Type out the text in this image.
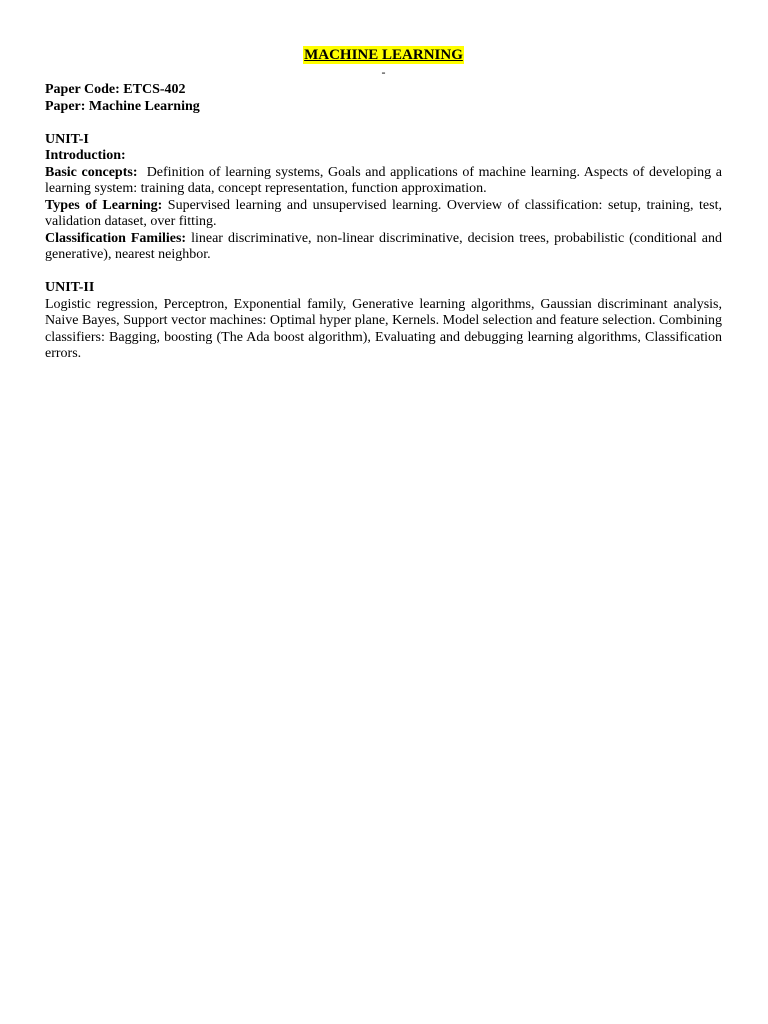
MACHINE LEARNING
-
Paper Code: ETCS-402
Paper: Machine Learning
UNIT-I
Introduction:
Basic concepts: Definition of learning systems, Goals and applications of machine learning. Aspects of developing a learning system: training data, concept representation, function approximation.
Types of Learning: Supervised learning and unsupervised learning. Overview of classification: setup, training, test, validation dataset, over fitting.
Classification Families: linear discriminative, non-linear discriminative, decision trees, probabilistic (conditional and generative), nearest neighbor.
UNIT-II
Logistic regression, Perceptron, Exponential family, Generative learning algorithms, Gaussian discriminant analysis, Naive Bayes, Support vector machines: Optimal hyper plane, Kernels. Model selection and feature selection. Combining classifiers: Bagging, boosting (The Ada boost algorithm), Evaluating and debugging learning algorithms, Classification errors.
